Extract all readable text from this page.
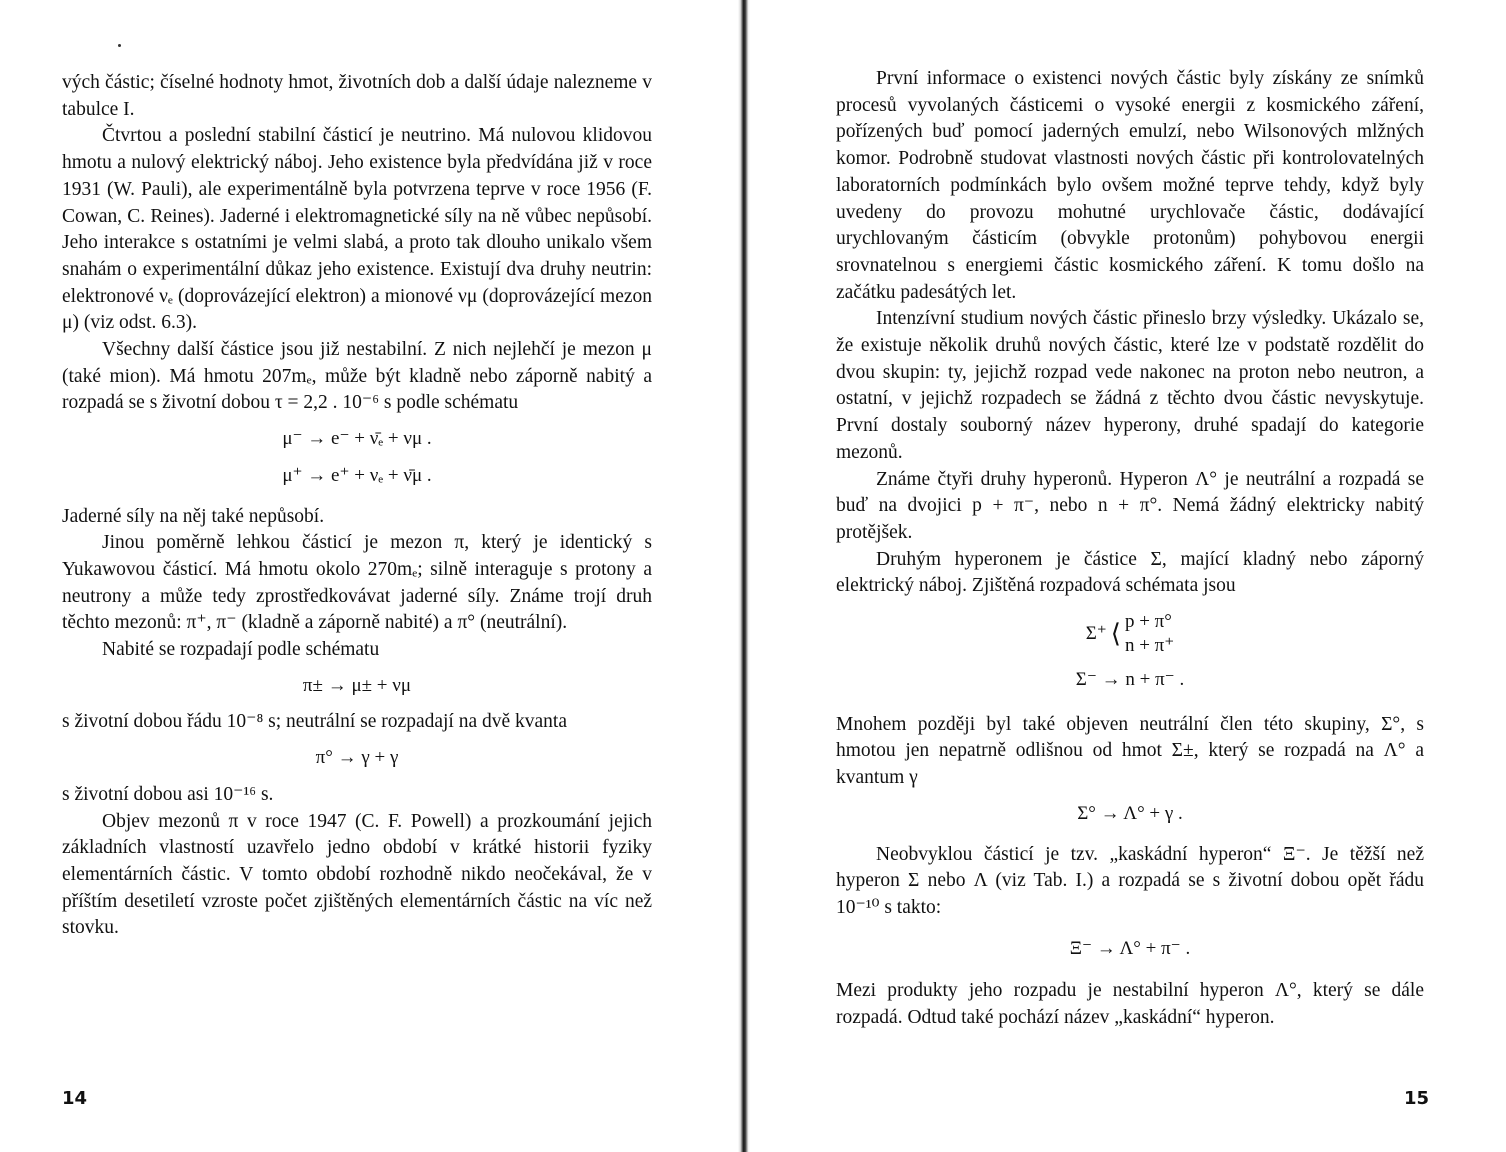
vých částic; číselné hodnoty hmot, životních dob a další údaje nalezneme v tabulce I.

Čtvrtou a poslední stabilní částicí je neutrino. Má nulovou klidovou hmotu a nulový elektrický náboj. Jeho existence byla předvídána již v roce 1931 (W. Pauli), ale experimentálně byla potvrzena teprve v roce 1956 (F. Cowan, C. Reines). Jaderné i elektromagnetické síly na ně vůbec nepůsobí. Jeho interakce s ostatními je velmi slabá, a proto tak dlouho unikalo všem snahám o experimentální důkaz jeho existence. Existují dva druhy neutrin: elektronové νₑ (doprovázející elektron) a mionové νμ (doprovázející mezon μ) (viz odst. 6.3).

Všechny další částice jsou již nestabilní. Z nich nejlehčí je mezon μ (také mion). Má hmotu 207mₑ, může být kladně nebo záporně nabitý a rozpadá se s životní dobou τ = 2,2 . 10⁻⁶ s podle schématu

μ⁻ → e⁻ + ν̄ₑ + νμ .
μ⁺ → e⁺ + νₑ + ν̄μ .

Jaderné síly na něj také nepůsobí.

Jinou poměrně lehkou částicí je mezon π, který je identický s Yukawovou částicí. Má hmotu okolo 270mₑ; silně interaguje s protony a neutrony a může tedy zprostředkovávat jaderné síly. Známe trojí druh těchto mezonů: π⁺, π⁻ (kladně a záporně nabité) a π° (neutrální).

Nabité se rozpadají podle schématu

π± → μ± + νμ

s životní dobou řádu 10⁻⁸ s; neutrální se rozpadají na dvě kvanta

π° → γ + γ

s životní dobou asi 10⁻¹⁶ s.

Objev mezonů π v roce 1947 (C. F. Powell) a prozkoumání jejich základních vlastností uzavřelo jedno období v krátké historii fyziky elementárních částic. V tomto období rozhodně nikdo neočekával, že v příštím desetiletí vzroste počet zjištěných elementárních částic na víc než stovku.

14

První informace o existenci nových částic byly získány ze snímků procesů vyvolaných částicemi o vysoké energii z kosmického záření, pořízených buď pomocí jaderných emulzí, nebo Wilsonových mlžných komor. Podrobně studovat vlastnosti nových částic při kontrolovatelných laboratorních podmínkách bylo ovšem možné teprve tehdy, když byly uvedeny do provozu mohutné urychlovače částic, dodávající urychlovaným částicím (obvykle protonům) pohybovou energii srovnatelnou s energiemi částic kosmického záření. K tomu došlo na začátku padesátých let.

Intenzívní studium nových částic přineslo brzy výsledky. Ukázalo se, že existuje několik druhů nových částic, které lze v podstatě rozdělit do dvou skupin: ty, jejichž rozpad vede nakonec na proton nebo neutron, a ostatní, v jejichž rozpadech se žádná z těchto dvou částic nevyskytuje. První dostaly souborný název hyperony, druhé spadají do kategorie mezonů.

Známe čtyři druhy hyperonů. Hyperon Λ° je neutrální a rozpadá se buď na dvojici p + π⁻, nebo n + π°. Nemá žádný elektricky nabitý protějšek.

Druhým hyperonem je částice Σ, mající kladný nebo záporný elektrický náboj. Zjištěná rozpadová schémata jsou

Σ⁺ ⟨ p + π°
n + π⁺
Σ⁻ → n + π⁻ .

Mnohem později byl také objeven neutrální člen této skupiny, Σ°, s hmotou jen nepatrně odlišnou od hmot Σ±, který se rozpadá na Λ° a kvantum γ

Σ° → Λ° + γ .

Neobvyklou částicí je tzv. „kaskádní hyperon“ Ξ⁻. Je těžší než hyperon Σ nebo Λ (viz Tab. I.) a rozpadá se s životní dobou opět řádu 10⁻¹⁰ s takto:

Ξ⁻ → Λ° + π⁻ .

Mezi produkty jeho rozpadu je nestabilní hyperon Λ°, který se dále rozpadá. Odtud také pochází název „kaskádní“ hyperon.

15
